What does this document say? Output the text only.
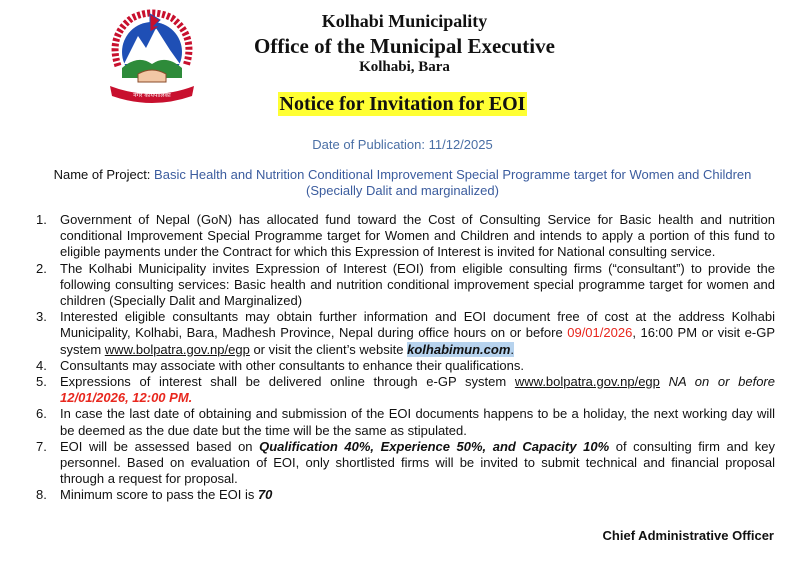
नगर कार्यपालिका
Kolhabi Municipality
Office of the Municipal Executive
Kolhabi, Bara
Notice for Invitation for EOI
Date of Publication: 11/12/2025
Name of Project: Basic Health and Nutrition Conditional Improvement Special Programme target for Women and Children (Specially Dalit and marginalized)
1. Government of Nepal (GoN) has allocated fund toward the Cost of Consulting Service for Basic health and nutrition conditional Improvement Special Programme target for Women and Children and intends to apply a portion of this fund to eligible payments under the Contract for which this Expression of Interest is invited for National consulting service.
2. The Kolhabi Municipality invites Expression of Interest (EOI) from eligible consulting firms (“consultant”) to provide the following consulting services: Basic health and nutrition conditional improvement special programme target for women and children (Specially Dalit and Marginalized)
3. Interested eligible consultants may obtain further information and EOI document free of cost at the address Kolhabi Municipality, Kolhabi, Bara, Madhesh Province, Nepal during office hours on or before 09/01/2026, 16:00 PM or visit e-GP system www.bolpatra.gov.np/egp or visit the client’s website kolhabimun.com.
4. Consultants may associate with other consultants to enhance their qualifications.
5. Expressions of interest shall be delivered online through e-GP system www.bolpatra.gov.np/egp NA on or before 12/01/2026, 12:00 PM.
6. In case the last date of obtaining and submission of the EOI documents happens to be a holiday, the next working day will be deemed as the due date but the time will be the same as stipulated.
7. EOI will be assessed based on Qualification 40%, Experience 50%, and Capacity 10% of consulting firm and key personnel. Based on evaluation of EOI, only shortlisted firms will be invited to submit technical and financial proposal through a request for proposal.
8. Minimum score to pass the EOI is 70
Chief Administrative Officer
